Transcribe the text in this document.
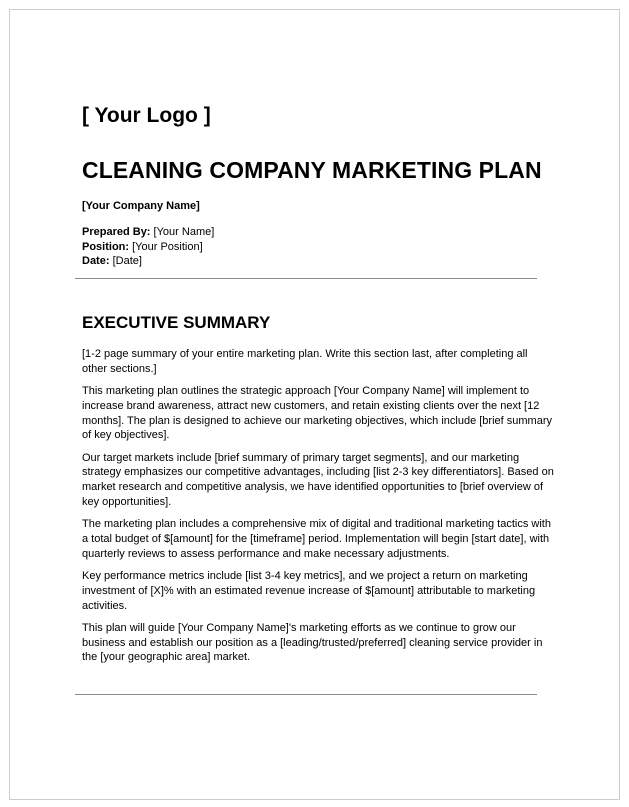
[ Your Logo ]
CLEANING COMPANY MARKETING PLAN
[Your Company Name]
Prepared By: [Your Name]
Position: [Your Position]
Date: [Date]
EXECUTIVE SUMMARY

[1-2 page summary of your entire marketing plan. Write this section last, after completing all other sections.]

This marketing plan outlines the strategic approach [Your Company Name] will implement to increase brand awareness, attract new customers, and retain existing clients over the next [12 months]. The plan is designed to achieve our marketing objectives, which include [brief summary of key objectives].

Our target markets include [brief summary of primary target segments], and our marketing strategy emphasizes our competitive advantages, including [list 2-3 key differentiators]. Based on market research and competitive analysis, we have identified opportunities to [brief overview of key opportunities].

The marketing plan includes a comprehensive mix of digital and traditional marketing tactics with a total budget of $[amount] for the [timeframe] period. Implementation will begin [start date], with quarterly reviews to assess performance and make necessary adjustments.

Key performance metrics include [list 3-4 key metrics], and we project a return on marketing investment of [X]% with an estimated revenue increase of $[amount] attributable to marketing activities.

This plan will guide [Your Company Name]'s marketing efforts as we continue to grow our business and establish our position as a [leading/trusted/preferred] cleaning service provider in the [your geographic area] market.
